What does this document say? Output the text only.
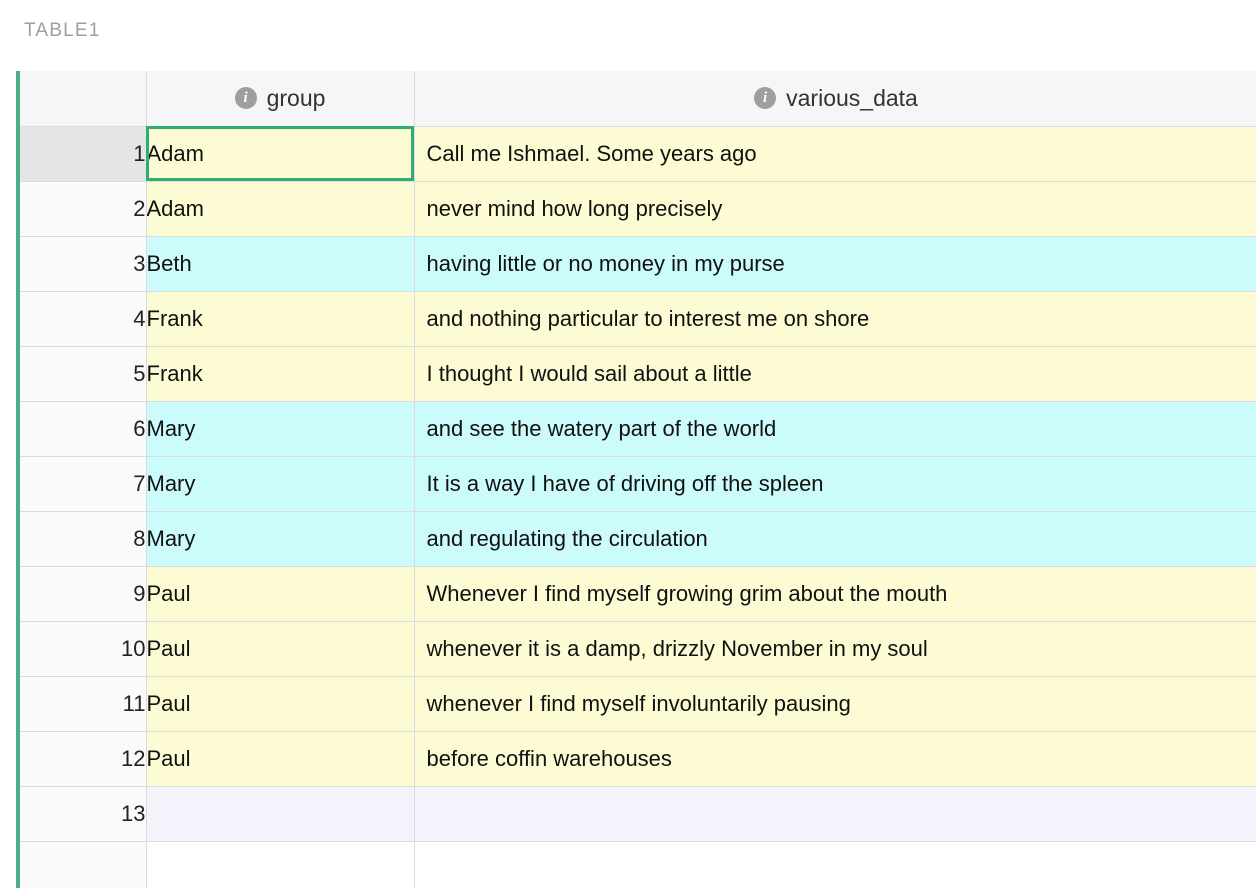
TABLE1

	i group	i various_data

1	Adam	Call me Ishmael. Some years ago
2	Adam	never mind how long precisely
3	Beth	having little or no money in my purse
4	Frank	and nothing particular to interest me on shore
5	Frank	I thought I would sail about a little
6	Mary	and see the watery part of the world
7	Mary	It is a way I have of driving off the spleen
8	Mary	and regulating the circulation
9	Paul	Whenever I find myself growing grim about the mouth
10	Paul	whenever it is a damp, drizzly November in my soul
11	Paul	whenever I find myself involuntarily pausing
12	Paul	before coffin warehouses
13		
